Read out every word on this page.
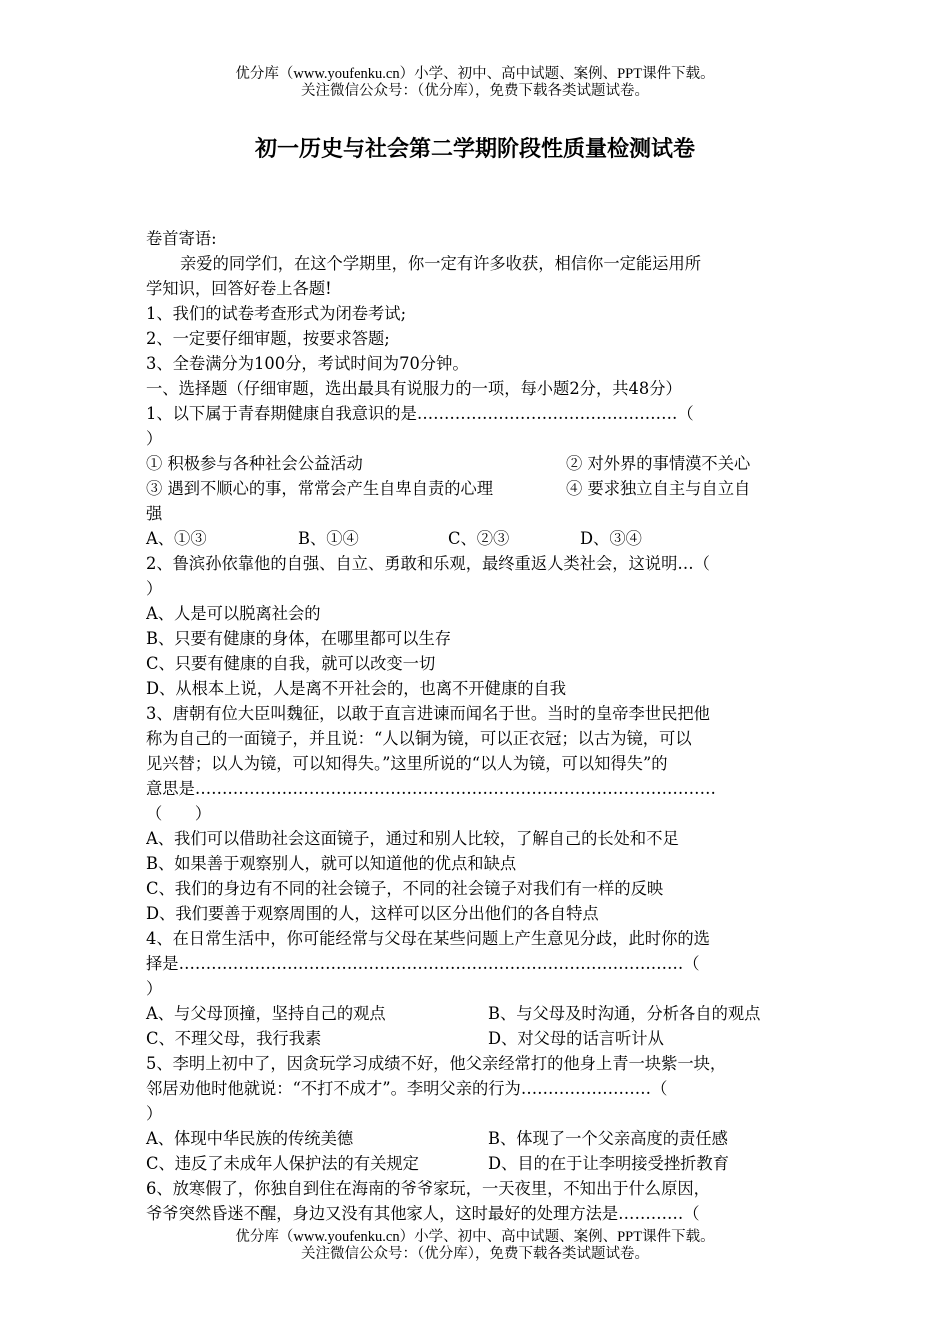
优分库（www.youfenku.cn）小学、初中、高中试题、案例、PPT课件下载。
关注微信公众号：（优分库），免费下载各类试题试卷。
初一历史与社会第二学期阶段性质量检测试卷
卷首寄语:
亲爱的同学们，在这个学期里，你一定有许多收获，相信你一定能运用所
学知识，回答好卷上各题!
1、我们的试卷考查形式为闭卷考试;
2、一定要仔细审题，按要求答题;
3、全卷满分为100分，考试时间为70分钟。
一、选择题（仔细审题，选出最具有说服力的一项，每小题2分，共48分）
1、以下属于青春期健康自我意识的是…………………………………………（
）
① 积极参与各种社会公益活动	② 对外界的事情漠不关心
③ 遇到不顺心的事，常常会产生自卑自责的心理	④ 要求独立自主与自立自
强
A、①③	B、①④	C、②③	D、③④
2、鲁滨孙依靠他的自强、自立、勇敢和乐观，最终重返人类社会，这说明…（
）
A、人是可以脱离社会的
B、只要有健康的身体，在哪里都可以生存
C、只要有健康的自我，就可以改变一切
D、从根本上说，人是离不开社会的，也离不开健康的自我
3、唐朝有位大臣叫魏征，以敢于直言进谏而闻名于世。当时的皇帝李世民把他
称为自己的一面镜子，并且说：“人以铜为镜，可以正衣冠；以古为镜，可以
见兴替；以人为镜，可以知得失。”这里所说的“以人为镜，可以知得失”的
意思是……………………………………………………………………………………
（　　）
A、我们可以借助社会这面镜子，通过和别人比较，了解自己的长处和不足
B、如果善于观察别人，就可以知道他的优点和缺点
C、我们的身边有不同的社会镜子，不同的社会镜子对我们有一样的反映
D、我们要善于观察周围的人，这样可以区分出他们的各自特点
4、在日常生活中，你可能经常与父母在某些问题上产生意见分歧，此时你的选
择是…………………………………………………………………………………（
）
A、与父母顶撞，坚持自己的观点	B、与父母及时沟通，分析各自的观点
C、不理父母，我行我素	D、对父母的话言听计从
5、李明上初中了，因贪玩学习成绩不好，他父亲经常打的他身上青一块紫一块，
邻居劝他时他就说：“不打不成才”。李明父亲的行为……………………（
）
A、体现中华民族的传统美德	B、体现了一个父亲高度的责任感
C、违反了未成年人保护法的有关规定	D、目的在于让李明接受挫折教育
6、放寒假了，你独自到住在海南的爷爷家玩，一天夜里，不知出于什么原因，
爷爷突然昏迷不醒，身边又没有其他家人，这时最好的处理方法是…………（
优分库（www.youfenku.cn）小学、初中、高中试题、案例、PPT课件下载。
关注微信公众号：（优分库），免费下载各类试题试卷。
